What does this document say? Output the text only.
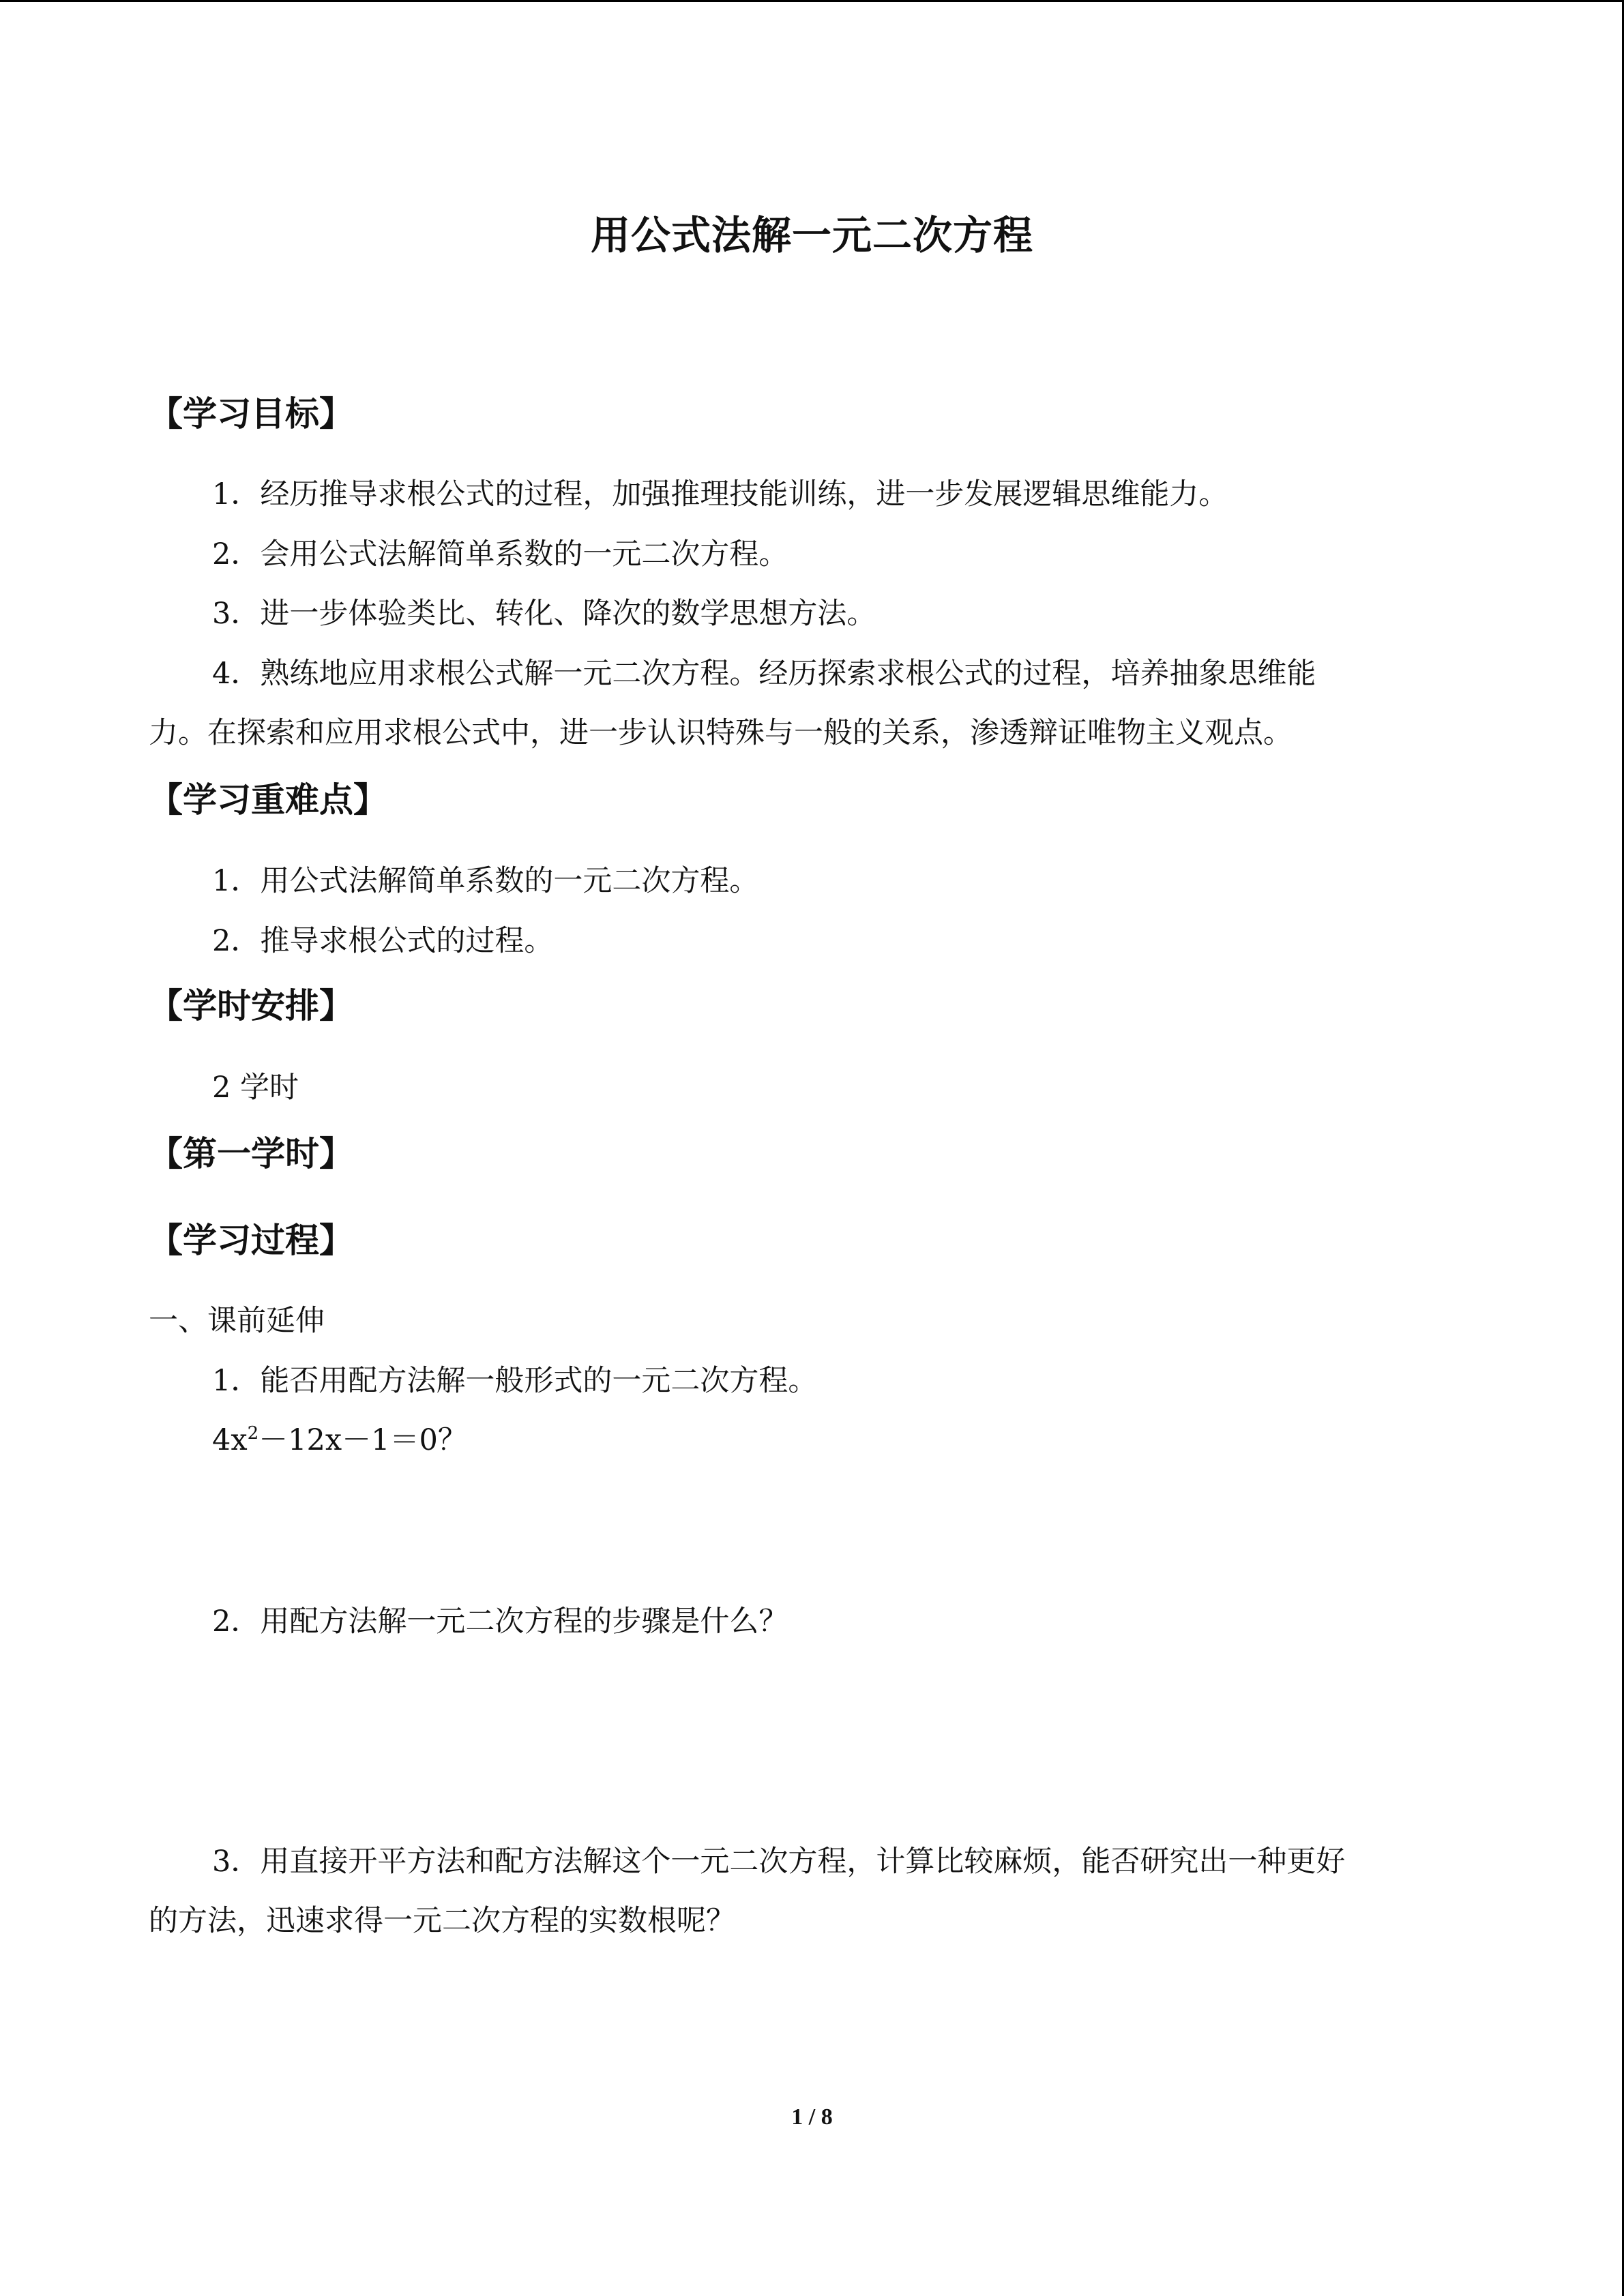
用公式法解一元二次方程
【学习目标】
1．经历推导求根公式的过程，加强推理技能训练，进一步发展逻辑思维能力。
2．会用公式法解简单系数的一元二次方程。
3．进一步体验类比、转化、降次的数学思想方法。
4．熟练地应用求根公式解一元二次方程。经历探索求根公式的过程，培养抽象思维能
力。在探索和应用求根公式中，进一步认识特殊与一般的关系，渗透辩证唯物主义观点。
【学习重难点】
1．用公式法解简单系数的一元二次方程。
2．推导求根公式的过程。
【学时安排】
2 学时
【第一学时】
【学习过程】
一、课前延伸
1．能否用配方法解一般形式的一元二次方程。
$4x^2-12x-1=0$？
2．用配方法解一元二次方程的步骤是什么？
3．用直接开平方法和配方法解这个一元二次方程，计算比较麻烦，能否研究出一种更好
的方法，迅速求得一元二次方程的实数根呢？
1 / 8
